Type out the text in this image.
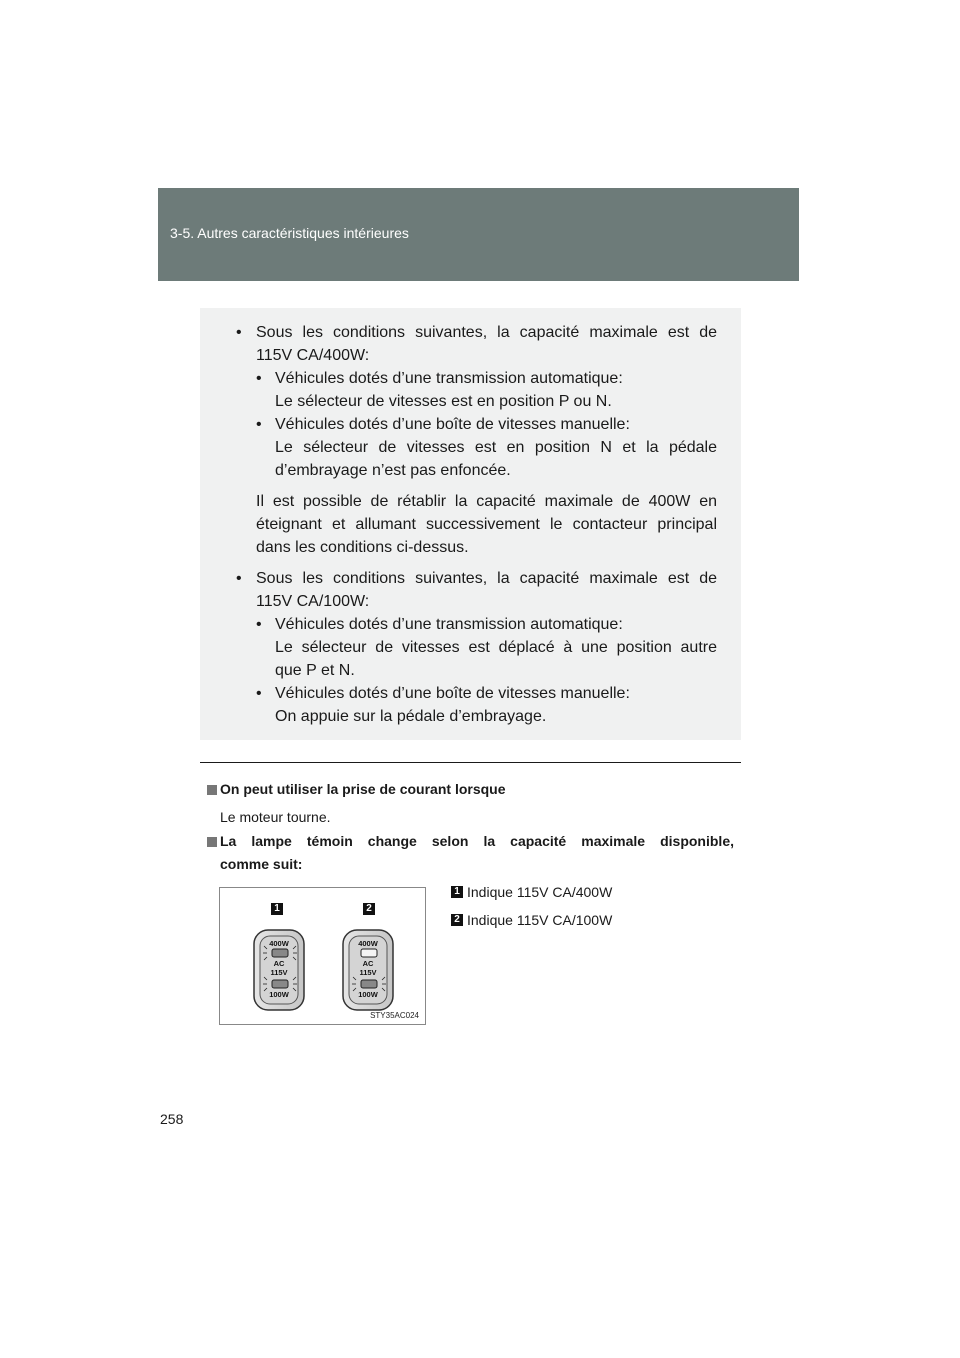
3-5. Autres caractéristiques intérieures
• Sous les conditions suivantes, la capacité maximale est de
115V CA/400W:
• Véhicules dotés d’une transmission automatique:
Le sélecteur de vitesses est en position P ou N.
• Véhicules dotés d’une boîte de vitesses manuelle:
Le sélecteur de vitesses est en position N et la pédale
d’embrayage n’est pas enfoncée.
Il est possible de rétablir la capacité maximale de 400W en
éteignant et allumant successivement le contacteur principal
dans les conditions ci-dessus.
• Sous les conditions suivantes, la capacité maximale est de
115V CA/100W:
• Véhicules dotés d’une transmission automatique:
Le sélecteur de vitesses est déplacé à une position autre
que P et N.
• Véhicules dotés d’une boîte de vitesses manuelle:
On appuie sur la pédale d’embrayage.
On peut utiliser la prise de courant lorsque
Le moteur tourne.
La lampe témoin change selon la capacité maximale disponible,
comme suit:
1	2
400W
AC
115V
100W
400W
AC
115V
100W
STY35AC024
1 Indique 115V CA/400W
2 Indique 115V CA/100W
258
